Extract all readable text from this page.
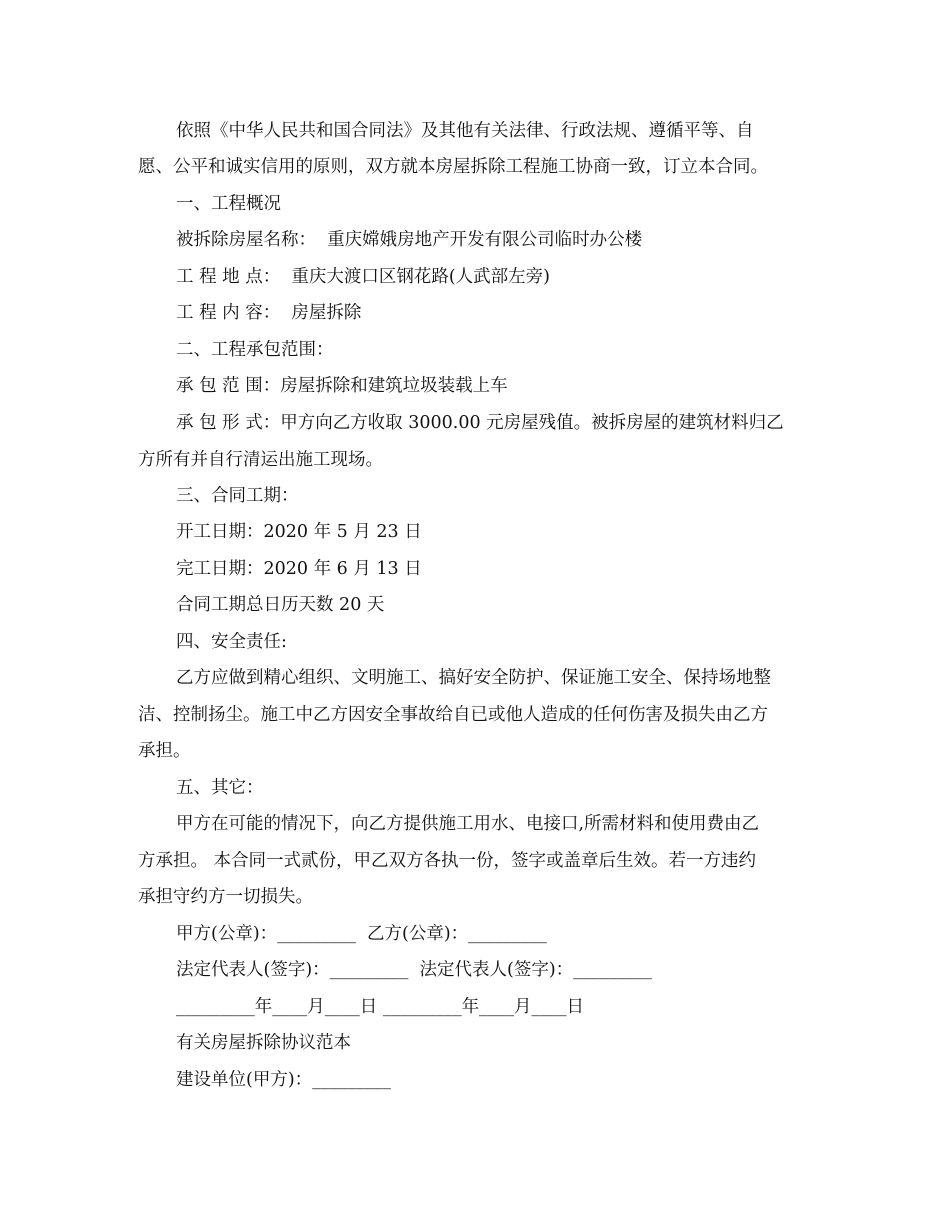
依照《中华人民共和国合同法》及其他有关法律、行政法规、遵循平等、自
愿、公平和诚实信用的原则，双方就本房屋拆除工程施工协商一致，订立本合同。
一、工程概况
被拆除房屋名称：  重庆嫦娥房地产开发有限公司临时办公楼
工 程 地 点：  重庆大渡口区钢花路(人武部左旁)
工 程 内 容：  房屋拆除
二、工程承包范围：
承 包 范 围：房屋拆除和建筑垃圾装载上车
承 包 形 式：甲方向乙方收取 3000.00 元房屋残值。被拆房屋的建筑材料归乙
方所有并自行清运出施工现场。
三、合同工期：
开工日期：2020 年 5 月 23 日
完工日期：2020 年 6 月 13 日
合同工期总日历天数 20 天
四、安全责任:
乙方应做到精心组织、文明施工、搞好安全防护、保证施工安全、保持场地整
洁、控制扬尘。施工中乙方因安全事故给自已或他人造成的任何伤害及损失由乙方
承担。
五、其它：
甲方在可能的情况下，向乙方提供施工用水、电接口,所需材料和使用费由乙
方承担。 本合同一式贰份，甲乙双方各执一份，签字或盖章后生效。若一方违约
承担守约方一切损失。
甲方(公章)：_________  乙方(公章)：_________
法定代表人(签字)：_________  法定代表人(签字)：_________
_________年____月____日 _________年____月____日
有关房屋拆除协议范本
建设单位(甲方)：_________
